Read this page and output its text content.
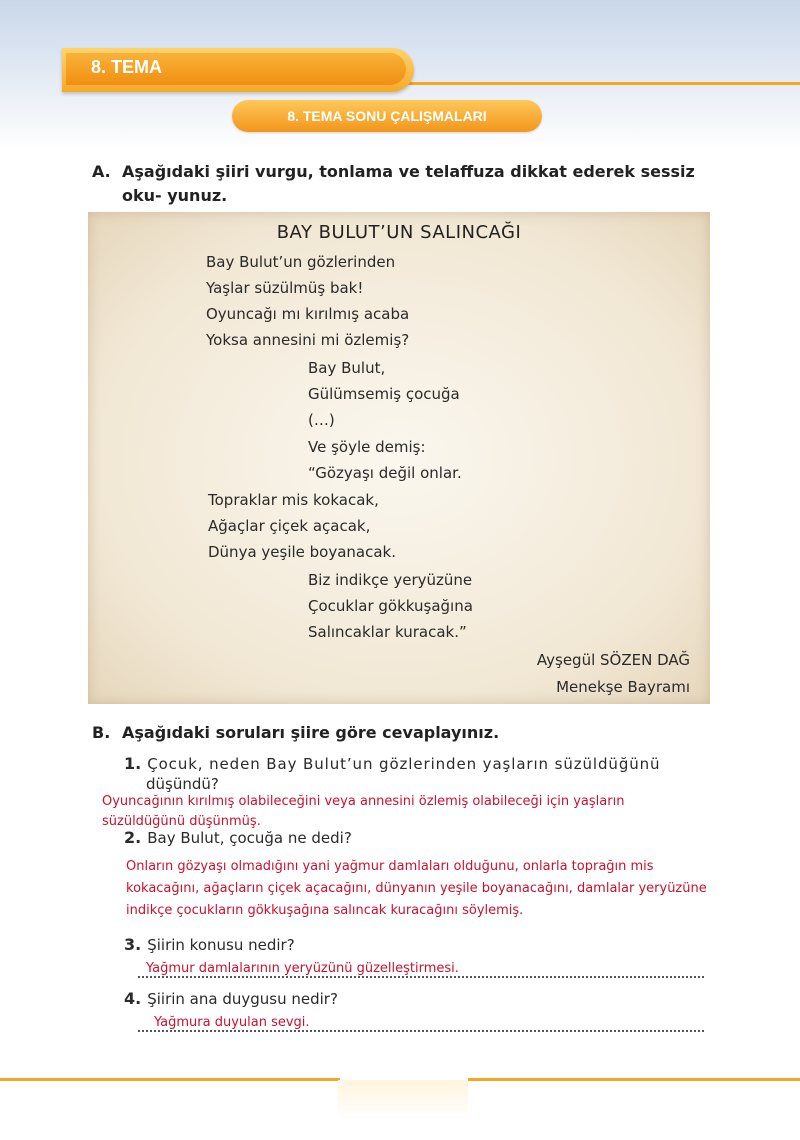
8. TEMA
8. TEMA SONU ÇALIŞMALARI
A. Aşağıdaki şiiri vurgu, tonlama ve telaffuza dikkat ederek sessiz oku- yunuz.
BAY BULUT’UN SALINCAĞI
Bay Bulut’un gözlerinden
Yaşlar süzülmüş bak!
Oyuncağı mı kırılmış acaba
Yoksa annesini mi özlemiş?
Bay Bulut,
Gülümsemiş çocuğa
(…)
Ve şöyle demiş:
“Gözyaşı değil onlar.
Topraklar mis kokacak,
Ağaçlar çiçek açacak,
Dünya yeşile boyanacak.
Biz indikçe yeryüzüne
Çocuklar gökkuşağına
Salıncaklar kuracak.”
Ayşegül SÖZEN DAĞ
Menekşe Bayramı
B. Aşağıdaki soruları şiire göre cevaplayınız.
1. Çocuk, neden Bay Bulut’un gözlerinden yaşların süzüldüğünü
düşündü?
Oyuncağının kırılmış olabileceğini veya annesini özlemiş olabileceği için yaşların
süzüldüğünü düşünmüş.
2. Bay Bulut, çocuğa ne dedi?
Onların gözyaşı olmadığını yani yağmur damlaları olduğunu, onlarla toprağın mis
kokacağını, ağaçların çiçek açacağını, dünyanın yeşile boyanacağını, damlalar yeryüzüne
indikçe çocukların gökkuşağına salıncak kuracağını söylemiş.
3. Şiirin konusu nedir?
Yağmur damlalarının yeryüzünü güzelleştirmesi.
4. Şiirin ana duygusu nedir?
Yağmura duyulan sevgi.
